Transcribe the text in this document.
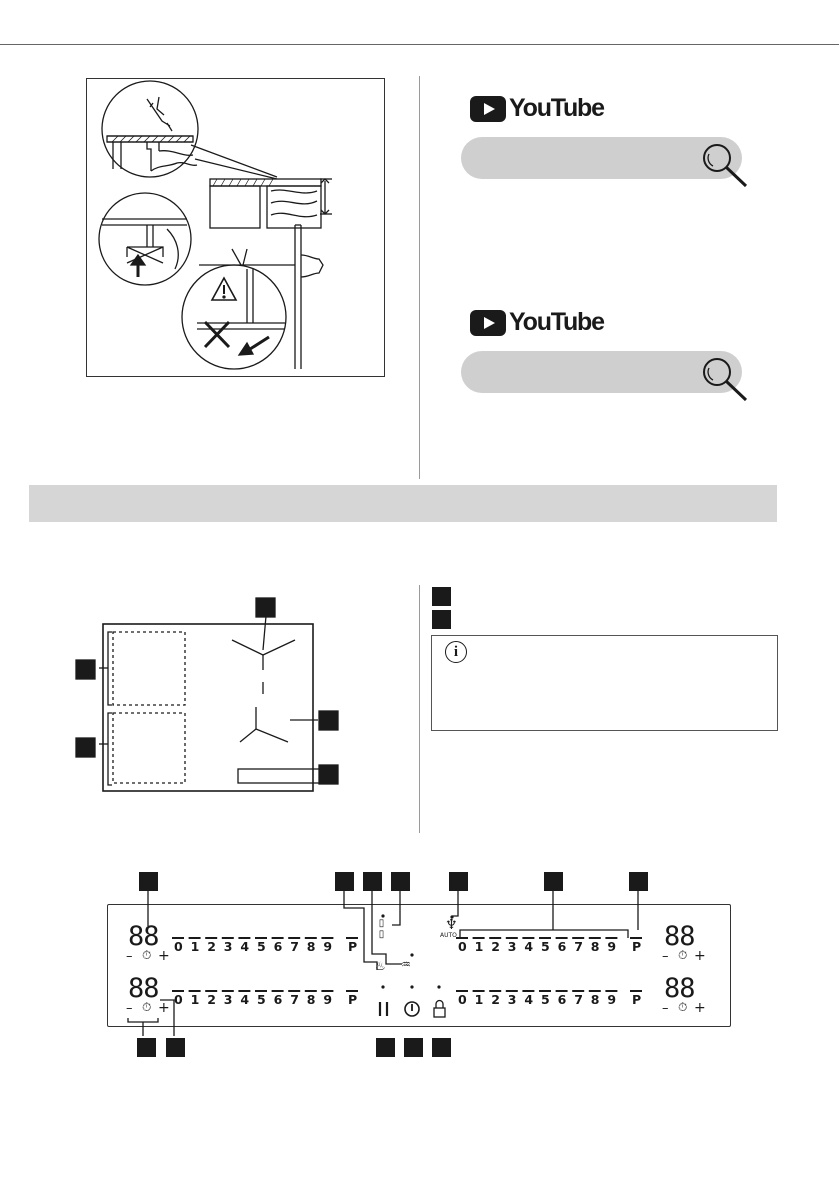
YouTube
YouTube
i
0 1 2 3 4 5 6 7 8 9 P
0 1 2 3 4 5 6 7 8 9 P
0 1 2 3 4 5 6 7 8 9 P
0 1 2 3 4 5 6 7 8 9 P
88
– ⏱ +
88
– ⏱ +
88
– ⏱ +
88
– ⏱ +
▯▯	♆
AUTO
♨ ♒
